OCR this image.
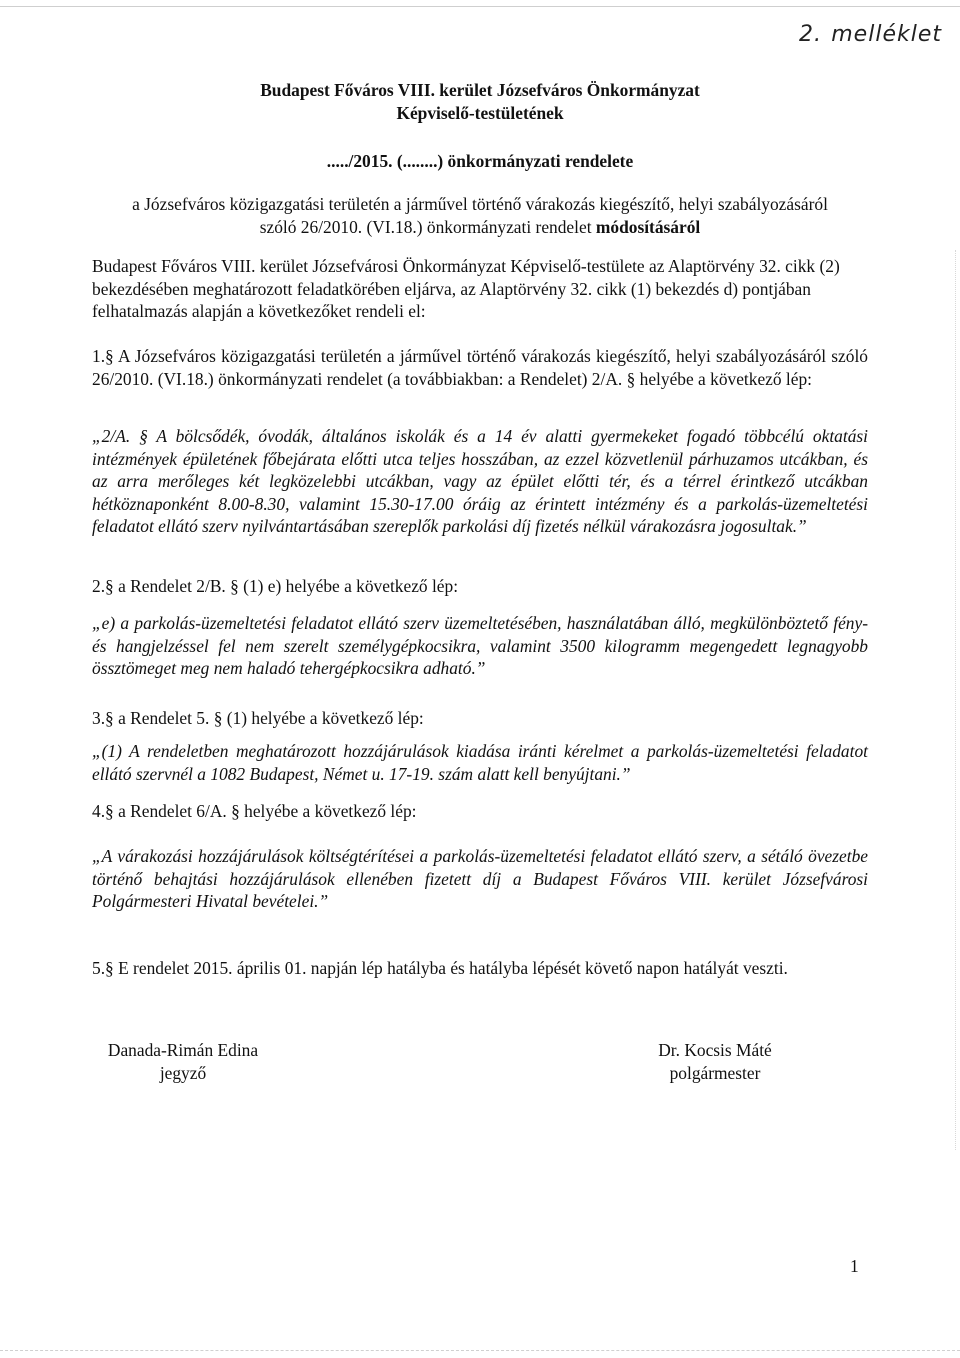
2. melléklet
Budapest Főváros VIII. kerület Józsefváros Önkormányzat
Képviselő-testületének
...../2015. (........) önkormányzati rendelete
a Józsefváros közigazgatási területén a járművel történő várakozás kiegészítő, helyi szabályozásáról
szóló 26/2010. (VI.18.) önkormányzati rendelet módosításáról
Budapest Főváros VIII. kerület Józsefvárosi Önkormányzat Képviselő-testülete az Alaptörvény 32. cikk (2) bekezdésében meghatározott feladatkörében eljárva, az Alaptörvény 32. cikk (1) bekezdés d) pontjában felhatalmazás alapján a következőket rendeli el:
1.§ A Józsefváros közigazgatási területén a járművel történő várakozás kiegészítő, helyi szabályozásáról szóló 26/2010. (VI.18.) önkormányzati rendelet (a továbbiakban: a Rendelet) 2/A. § helyébe a következő lép:
„2/A. § A bölcsődék, óvodák, általános iskolák és a 14 év alatti gyermekeket fogadó többcélú oktatási intézmények épületének főbejárata előtti utca teljes hosszában, az ezzel közvetlenül párhuzamos utcákban, és az arra merőleges két legközelebbi utcákban, vagy az épület előtti tér, és a térrel érintkező utcákban hétköznaponként 8.00-8.30, valamint 15.30-17.00 óráig az érintett intézmény és a parkolás-üzemeltetési feladatot ellátó szerv nyilvántartásában szereplők parkolási díj fizetés nélkül várakozásra jogosultak.”
2.§ a Rendelet 2/B. § (1) e) helyébe a következő lép:
„e) a parkolás-üzemeltetési feladatot ellátó szerv üzemeltetésében, használatában álló, megkülönböztető fény- és hangjelzéssel fel nem szerelt személygépkocsikra, valamint 3500 kilogramm megengedett legnagyobb össztömeget meg nem haladó tehergépkocsikra adható.”
3.§ a Rendelet 5. § (1) helyébe a következő lép:
„(1) A rendeletben meghatározott hozzájárulások kiadása iránti kérelmet a parkolás-üzemeltetési feladatot ellátó szervnél a 1082 Budapest, Német u. 17-19. szám alatt kell benyújtani.”
4.§ a Rendelet 6/A. § helyébe a következő lép:
„A várakozási hozzájárulások költségtérítései a parkolás-üzemeltetési feladatot ellátó szerv, a sétáló övezetbe történő behajtási hozzájárulások ellenében fizetett díj a Budapest Főváros VIII. kerület Józsefvárosi Polgármesteri Hivatal bevételei.”
5.§ E rendelet 2015. április 01. napján lép hatályba és hatályba lépését követő napon hatályát veszti.
Danada-Rimán Edina
jegyző
Dr. Kocsis Máté
polgármester
1
